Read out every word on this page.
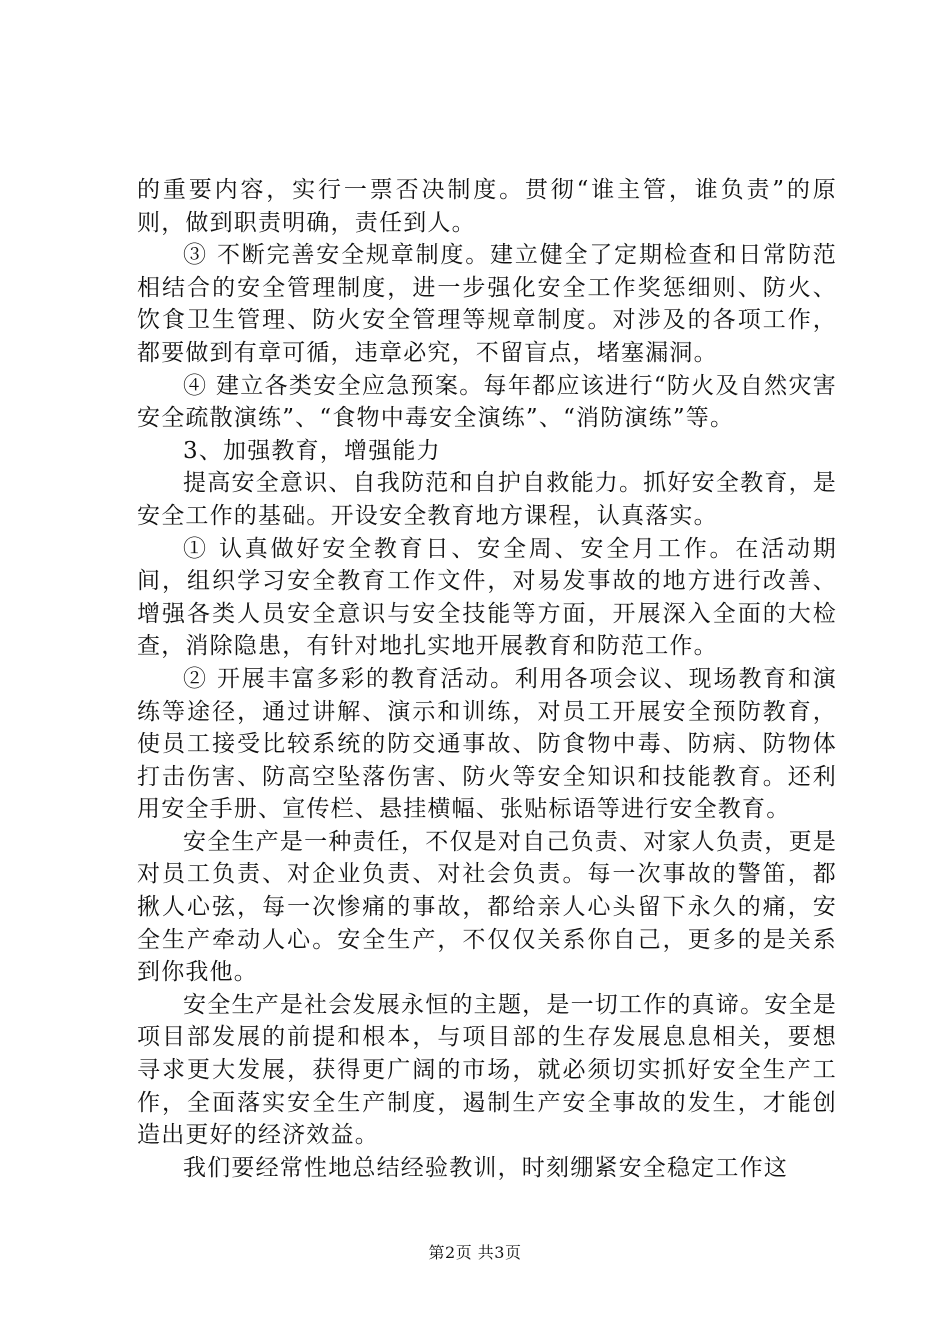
的重要内容，实行一票否决制度。贯彻“谁主管，谁负责”的原则，做到职责明确，责任到人。

③ 不断完善安全规章制度。建立健全了定期检查和日常防范相结合的安全管理制度，进一步强化安全工作奖惩细则、防火、饮食卫生管理、防火安全管理等规章制度。对涉及的各项工作，都要做到有章可循，违章必究，不留盲点，堵塞漏洞。

④ 建立各类安全应急预案。每年都应该进行“防火及自然灾害安全疏散演练”、“食物中毒安全演练”、“消防演练”等。

3、加强教育，增强能力

提高安全意识、自我防范和自护自救能力。抓好安全教育，是安全工作的基础。开设安全教育地方课程，认真落实。

① 认真做好安全教育日、安全周、安全月工作。在活动期间，组织学习安全教育工作文件，对易发事故的地方进行改善、增强各类人员安全意识与安全技能等方面，开展深入全面的大检查，消除隐患，有针对地扎实地开展教育和防范工作。

② 开展丰富多彩的教育活动。利用各项会议、现场教育和演练等途径，通过讲解、演示和训练，对员工开展安全预防教育，使员工接受比较系统的防交通事故、防食物中毒、防病、防物体打击伤害、防高空坠落伤害、防火等安全知识和技能教育。还利用安全手册、宣传栏、悬挂横幅、张贴标语等进行安全教育。

安全生产是一种责任，不仅是对自己负责、对家人负责，更是对员工负责、对企业负责、对社会负责。每一次事故的警笛，都揪人心弦，每一次惨痛的事故，都给亲人心头留下永久的痛，安全生产牵动人心。安全生产，不仅仅关系你自己，更多的是关系到你我他。

安全生产是社会发展永恒的主题，是一切工作的真谛。安全是项目部发展的前提和根本，与项目部的生存发展息息相关，要想寻求更大发展，获得更广阔的市场，就必须切实抓好安全生产工作，全面落实安全生产制度，遏制生产安全事故的发生，才能创造出更好的经济效益。

我们要经常性地总结经验教训，时刻绷紧安全稳定工作这

第2页 共3页
